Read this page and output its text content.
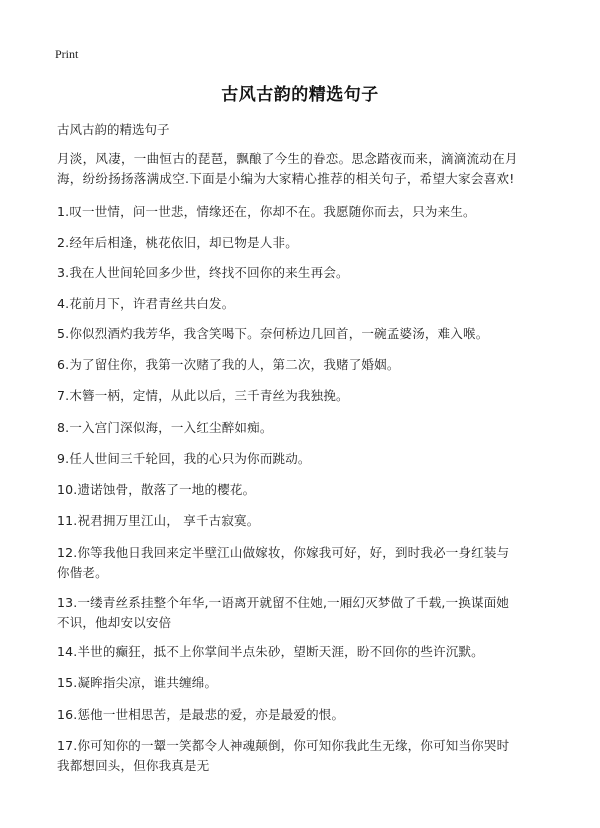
Print
古风古韵的精选句子
古风古韵的精选句子
月淡，风凄，一曲恒古的琵琶，飘酿了今生的眷恋。思念踏夜而来，滴滴流动在月
海，纷纷扬扬落满成空.下面是小编为大家精心推荐的相关句子，希望大家会喜欢!
1.叹一世情，问一世悲，情缘还在，你却不在。我愿随你而去，只为来生。
2.经年后相逢，桃花依旧，却已物是人非。
3.我在人世间轮回多少世，终找不回你的来生再会。
4.花前月下，许君青丝共白发。
5.你似烈酒灼我芳华，我含笑喝下。奈何桥边几回首，一碗孟婆汤，难入喉。
6.为了留住你，我第一次赌了我的人，第二次，我赌了婚姻。
7.木簪一柄，定情，从此以后，三千青丝为我独挽。
8.一入宫门深似海，一入红尘醉如痴。
9.任人世间三千轮回，我的心只为你而跳动。
10.遗诺蚀骨，散落了一地的樱花。
11.祝君拥万里江山， 享千古寂寞。
12.你等我他日我回来定半壁江山做嫁妆，你嫁我可好，好，到时我必一身红装与
你偕老。
13.一缕青丝系挂整个年华,一语离开就留不住她,一厢幻灭梦做了千载,一换谋面她
不识，他却安以安倍
14.半世的癫狂，抵不上你掌间半点朱砂，望断天涯，盼不回你的些许沉默。
15.凝眸指尖凉，谁共缠绵。
16.惩他一世相思苦，是最悲的爱，亦是最爱的恨。
17.你可知你的一颦一笑都令人神魂颠倒，你可知你我此生无缘，你可知当你哭时
我都想回头，但你我真是无
